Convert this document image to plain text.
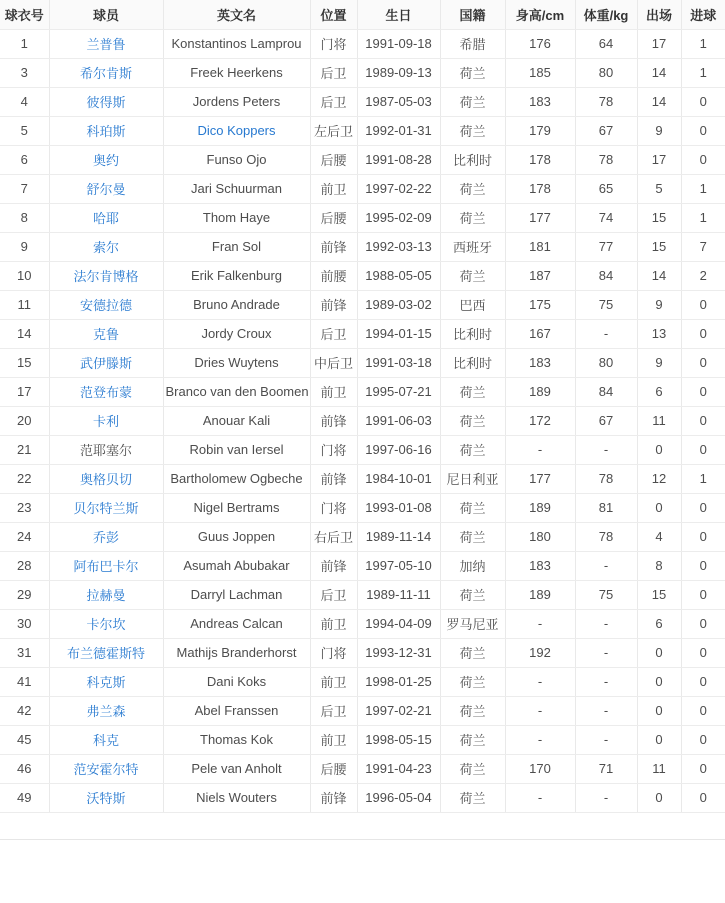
球衣号	球员	英文名	位置	生日	国籍	身高/cm	体重/kg	出场	进球
1	兰普鲁	Konstantinos Lamprou	门将	1991-09-18	希腊	176	64	17	1
3	希尔肯斯	Freek Heerkens	后卫	1989-09-13	荷兰	185	80	14	1
4	彼得斯	Jordens Peters	后卫	1987-05-03	荷兰	183	78	14	0
5	科珀斯	Dico Koppers	左后卫	1992-01-31	荷兰	179	67	9	0
6	奥约	Funso Ojo	后腰	1991-08-28	比利时	178	78	17	0
7	舒尔曼	Jari Schuurman	前卫	1997-02-22	荷兰	178	65	5	1
8	哈耶	Thom Haye	后腰	1995-02-09	荷兰	177	74	15	1
9	索尔	Fran Sol	前锋	1992-03-13	西班牙	181	77	15	7
10	法尔肯博格	Erik Falkenburg	前腰	1988-05-05	荷兰	187	84	14	2
11	安德拉德	Bruno Andrade	前锋	1989-03-02	巴西	175	75	9	0
14	克鲁	Jordy Croux	后卫	1994-01-15	比利时	167	-	13	0
15	武伊滕斯	Dries Wuytens	中后卫	1991-03-18	比利时	183	80	9	0
17	范登布蒙	Branco van den Boomen	前卫	1995-07-21	荷兰	189	84	6	0
20	卡利	Anouar Kali	前锋	1991-06-03	荷兰	172	67	11	0
21	范耶塞尔	Robin van Iersel	门将	1997-06-16	荷兰	-	-	0	0
22	奥格贝切	Bartholomew Ogbeche	前锋	1984-10-01	尼日利亚	177	78	12	1
23	贝尔特兰斯	Nigel Bertrams	门将	1993-01-08	荷兰	189	81	0	0
24	乔彭	Guus Joppen	右后卫	1989-11-14	荷兰	180	78	4	0
28	阿布巴卡尔	Asumah Abubakar	前锋	1997-05-10	加纳	183	-	8	0
29	拉赫曼	Darryl Lachman	后卫	1989-11-11	荷兰	189	75	15	0
30	卡尔坎	Andreas Calcan	前卫	1994-04-09	罗马尼亚	-	-	6	0
31	布兰德霍斯特	Mathijs Branderhorst	门将	1993-12-31	荷兰	192	-	0	0
41	科克斯	Dani Koks	前卫	1998-01-25	荷兰	-	-	0	0
42	弗兰森	Abel Franssen	后卫	1997-02-21	荷兰	-	-	0	0
45	科克	Thomas Kok	前卫	1998-05-15	荷兰	-	-	0	0
46	范安霍尔特	Pele van Anholt	后腰	1991-04-23	荷兰	170	71	11	0
49	沃特斯	Niels Wouters	前锋	1996-05-04	荷兰	-	-	0	0
